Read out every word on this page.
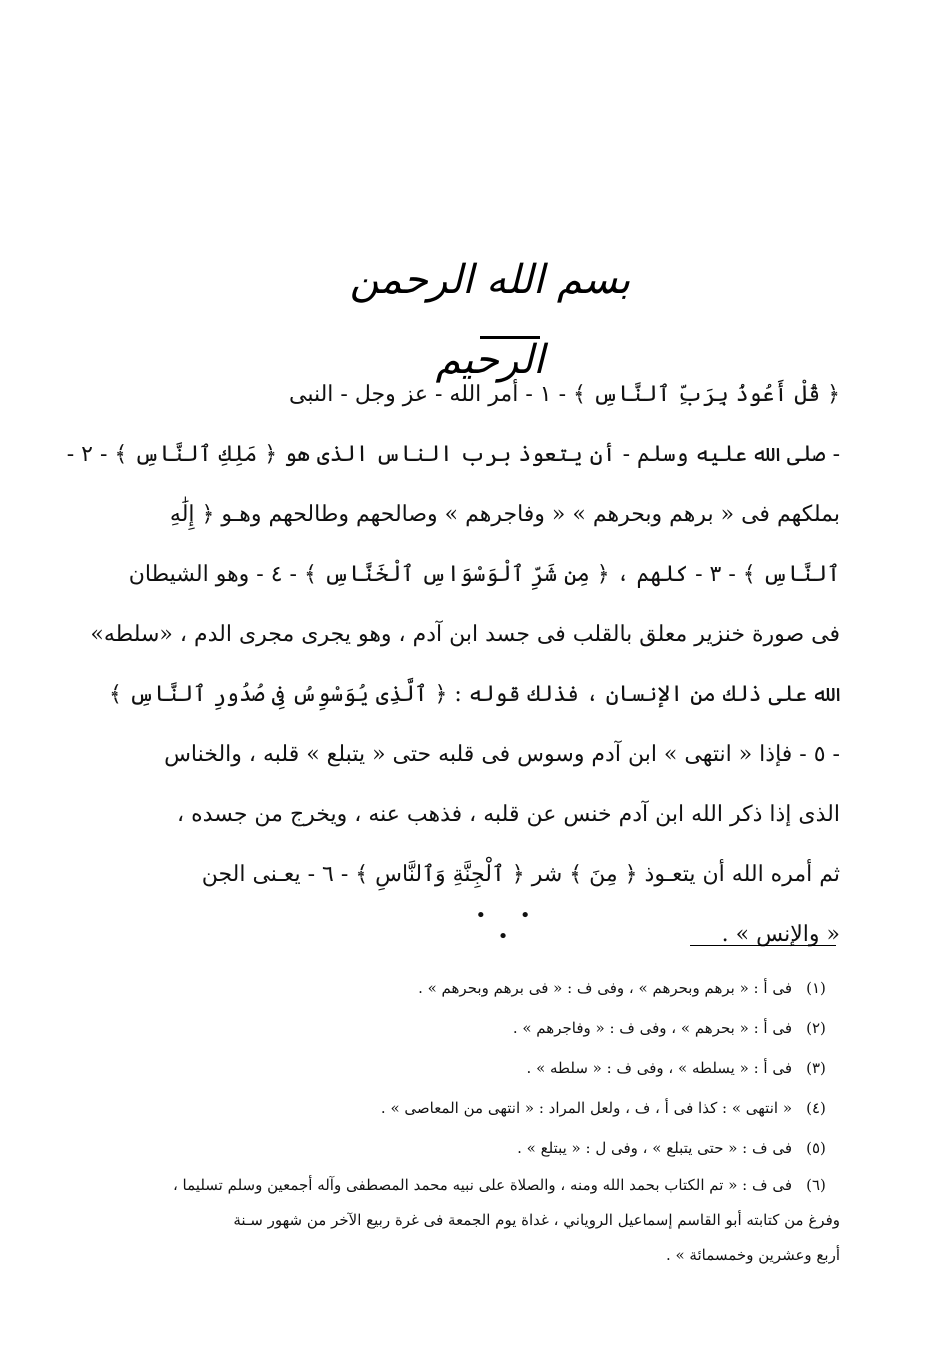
بسم الله الرحمن الرحيم
﴿ قُلْ أَعُوذُ بِرَبِّ ٱلنَّاسِ ﴾ - ١ - أمر الله - عز وجل - النبى
- صلى الله عليه وسلم - أن يتعوذ برب الناس الذى هو ﴿ مَلِكِ ٱلنَّاسِ ﴾ - ٢ -
بملكهم فى « برهم وبحرهم » « وفاجرهم » وصالحهم وطالحهم وهـو ﴿ إِلَٰهِ
ٱلنَّاسِ ﴾ - ٣ - كلهم ، ﴿ مِن شَرِّ ٱلْوَسْوَاسِ ٱلْخَنَّاسِ ﴾ - ٤ - وهو الشيطان
فى صورة خنزير معلق بالقلب فى جسد ابن آدم ، وهو يجرى مجرى الدم ، «سلطه»
الله على ذلك من الإنسان ، فذلك قوله : ﴿ ٱلَّذِى يُوَسْوِسُ فِى صُدُورِ ٱلنَّاسِ ﴾
- ٥ - فإذا « انتهى » ابن آدم وسوس فى قلبه حتى « يتبلع » قلبه ، والخناس
الذى إذا ذكر الله ابن آدم خنس عن قلبه ، فذهب عنه ، ويخرج من جسده ،
ثم أمره الله أن يتعـوذ ﴿ مِنَ ﴾ شر ﴿ ٱلْجِنَّةِ وَٱلنَّاسِ ﴾ - ٦ - يعـنى الجن
« والإنس » .
• • •
(١)فى أ : « برهم وبحرهم » ، وفى ف : « فى برهم وبحرهم » .
(٢)فى أ : « بحرهم » ، وفى ف : « وفاجرهم » .
(٣)فى أ : « يسلطه » ، وفى ف : « سلطه » .
(٤)« انتهى » : كذا فى أ ، ف ، ولعل المراد : « انتهى من المعاصى » .
(٥)فى ف : « حتى يتبلع » ، وفى ل : « يبتلع » .
(٦)فى ف : « تم الكتاب بحمد الله ومنه ، والصلاة على نبيه محمد المصطفى وآله أجمعين وسلم تسليما ،
وفرغ من كتابته أبو القاسم إسماعيل الروياني ، غداة يوم الجمعة فى غرة ربيع الآخر من شهور سـنة
أربع وعشرين وخمسمائة » .
